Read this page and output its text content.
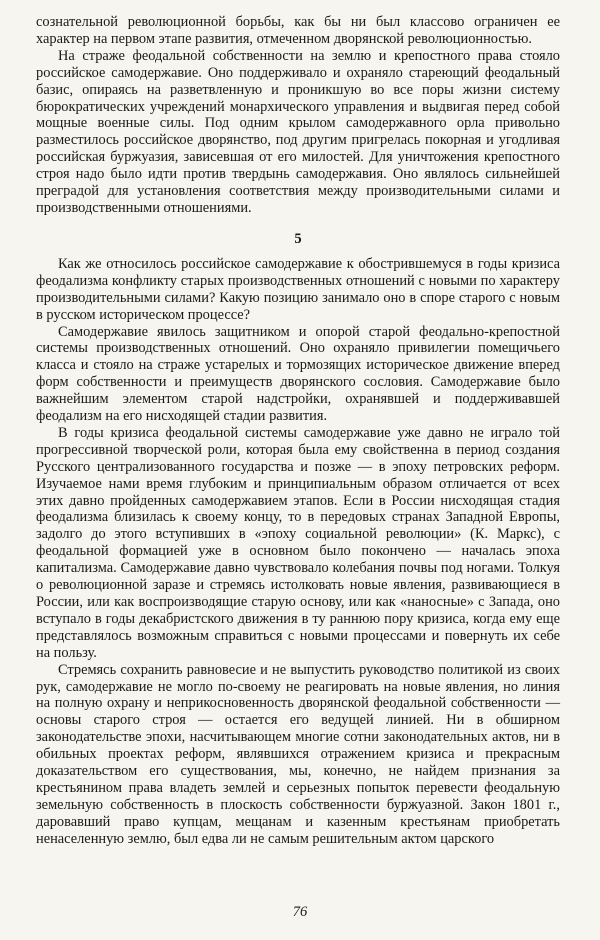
сознательной революционной борьбы, как бы ни был классово ограничен ее характер на первом этапе развития, отмеченном дворянской революционностью.

На страже феодальной собственности на землю и крепостного права стояло российское самодержавие. Оно поддерживало и охраняло стареющий феодальный базис, опираясь на разветвленную и проникшую во все поры жизни систему бюрократических учреждений монархического управления и выдвигая перед собой мощные военные силы. Под одним крылом самодержавного орла привольно разместилось российское дворянство, под другим пригрелась покорная и угодливая российская буржуазия, зависевшая от его милостей. Для уничтожения крепостного строя надо было идти против твердынь самодержавия. Оно являлось сильнейшей преградой для установления соответствия между производительными силами и производственными отношениями.

5

Как же относилось российское самодержавие к обострившемуся в годы кризиса феодализма конфликту старых производственных отношений с новыми по характеру производительными силами? Какую позицию занимало оно в споре старого с новым в русском историческом процессе?

Самодержавие явилось защитником и опорой старой феодально-крепостной системы производственных отношений. Оно охраняло привилегии помещичьего класса и стояло на страже устарелых и тормозящих историческое движение вперед форм собственности и преимуществ дворянского сословия. Самодержавие было важнейшим элементом старой надстройки, охранявшей и поддерживавшей феодализм на его нисходящей стадии развития.

В годы кризиса феодальной системы самодержавие уже давно не играло той прогрессивной творческой роли, которая была ему свойственна в период создания Русского централизованного государства и позже — в эпоху петровских реформ. Изучаемое нами время глубоким и принципиальным образом отличается от всех этих давно пройденных самодержавием этапов. Если в России нисходящая стадия феодализма близилась к своему концу, то в передовых странах Западной Европы, задолго до этого вступивших в «эпоху социальной революции» (К. Маркс), с феодальной формацией уже в основном было покончено — началась эпоха капитализма. Самодержавие давно чувствовало колебания почвы под ногами. Толкуя о революционной заразе и стремясь истолковать новые явления, развивающиеся в России, или как воспроизводящие старую основу, или как «наносные» с Запада, оно вступало в годы декабристского движения в ту раннюю пору кризиса, когда ему еще представлялось возможным справиться с новыми процессами и повернуть их себе на пользу.

Стремясь сохранить равновесие и не выпустить руководство политикой из своих рук, самодержавие не могло по-своему не реагировать на новые явления, но линия на полную охрану и неприкосновенность дворянской феодальной собственности — основы старого строя — остается его ведущей линией. Ни в обширном законодательстве эпохи, насчитывающем многие сотни законодательных актов, ни в обильных проектах реформ, являвшихся отражением кризиса и прекрасным доказательством его существования, мы, конечно, не найдем признания за крестьянином права владеть землей и серьезных попыток перевести феодальную земельную собственность в плоскость собственности буржуазной. Закон 1801 г., даровавший право купцам, мещанам и казенным крестьянам приобретать ненаселенную землю, был едва ли не самым решительным актом царского

76
